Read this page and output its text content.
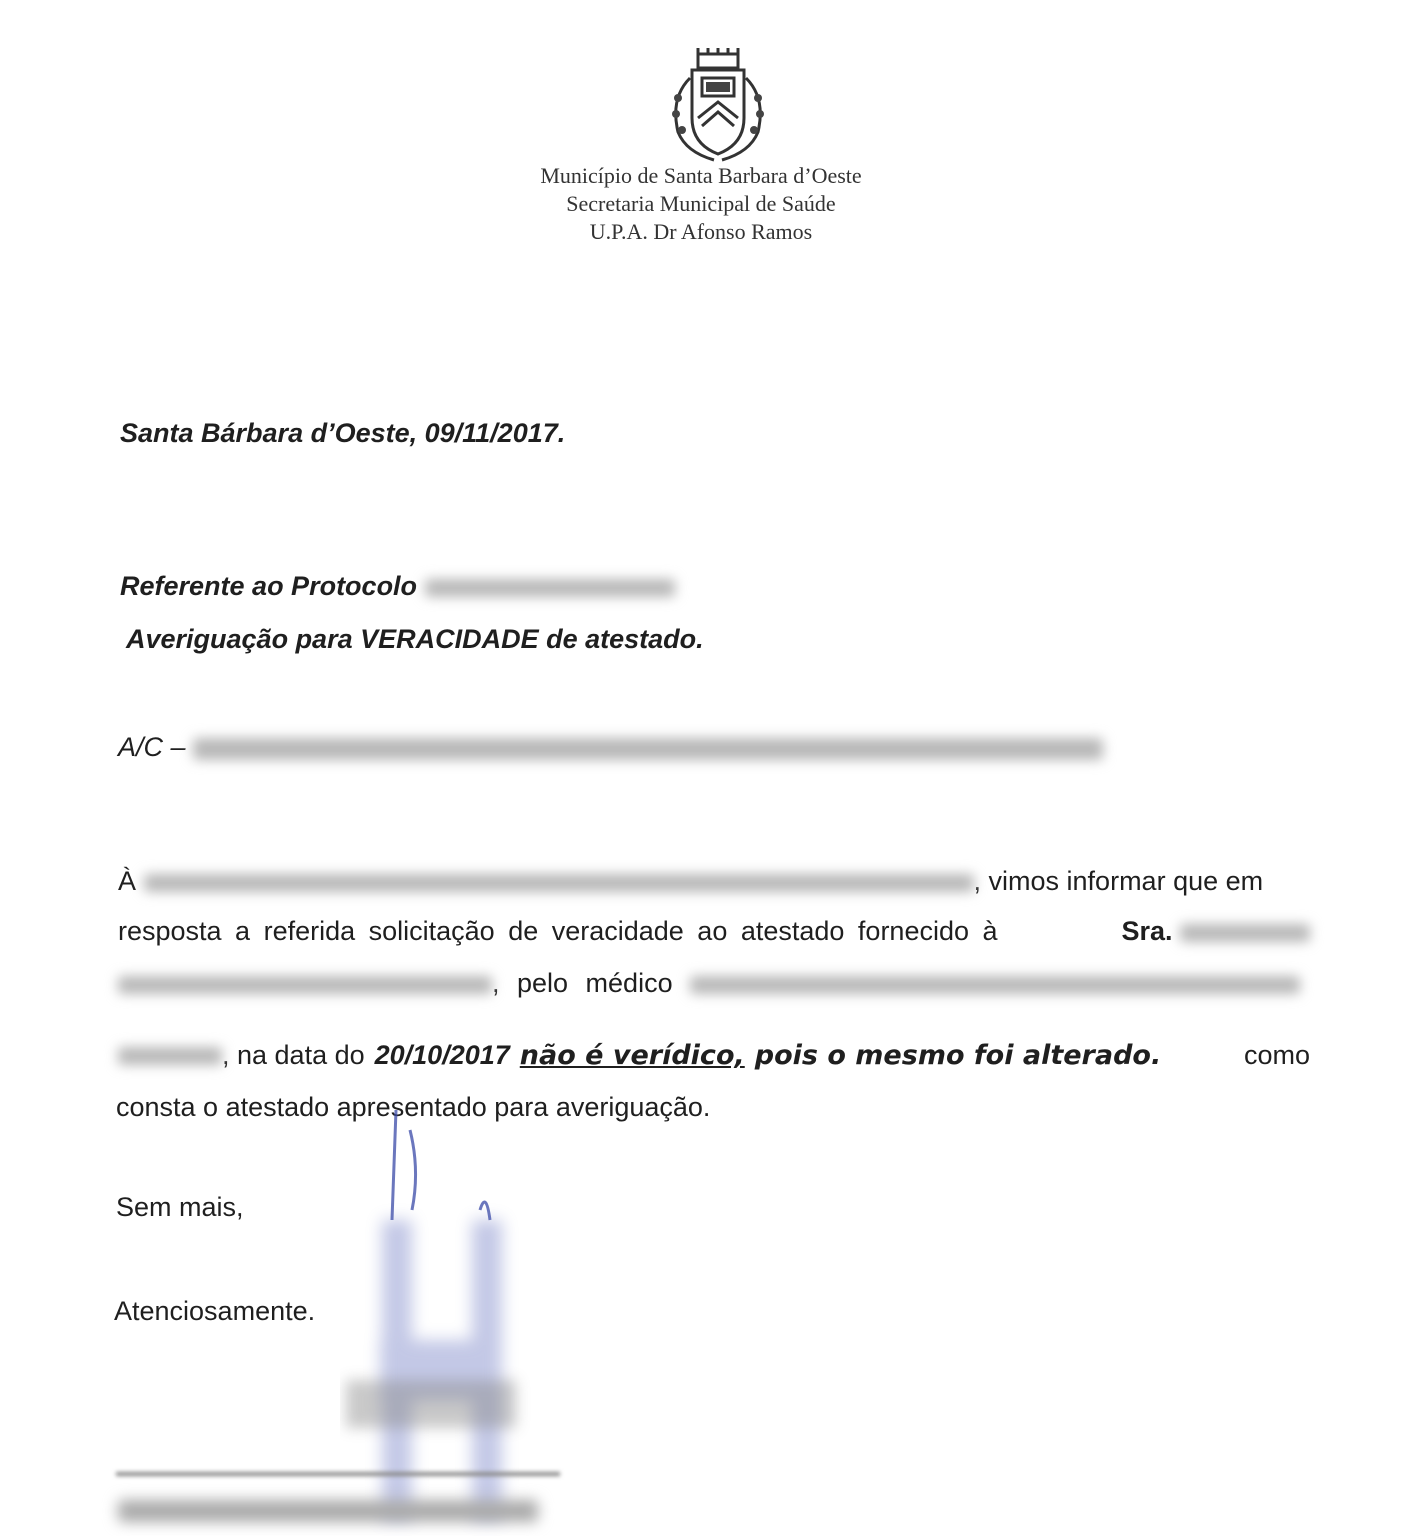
Município de Santa Barbara d’Oeste
Secretaria Municipal de Saúde
U.P.A. Dr Afonso Ramos
Santa Bárbara d’Oeste, 09/11/2017.
Referente ao Protocolo
Averiguação para VERACIDADE de atestado.
A/C –
À	, vimos informar que em
resposta a referida solicitação de veracidade ao atestado fornecido à	Sra.
, pelo médico
, na data do 20/10/2017 não é verídico, pois o mesmo foi alterado.	como
consta o atestado apresentado para averiguação.
Sem mais,
Atenciosamente.
